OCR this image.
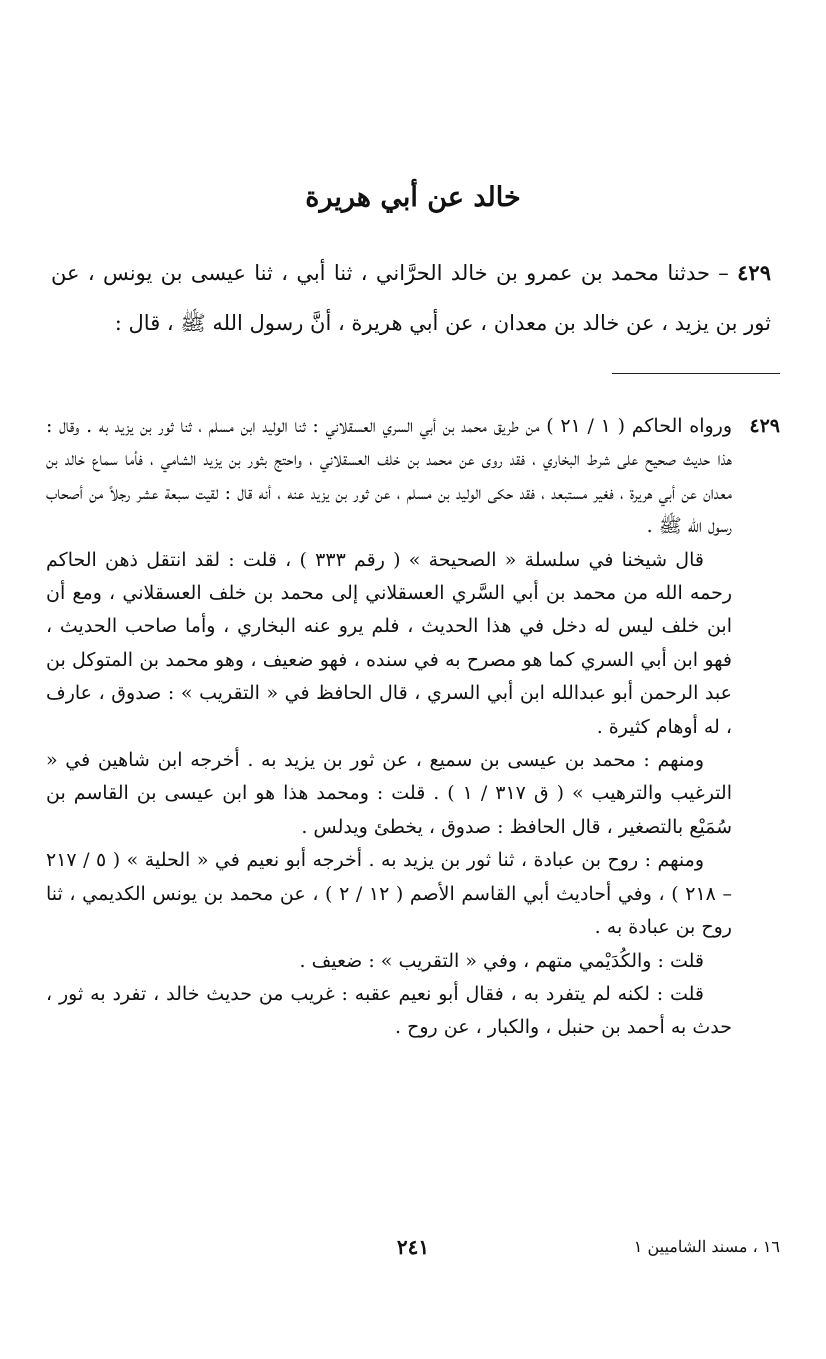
خالد عن أبي هريرة
٤٢٩ – حدثنا محمد بن عمرو بن خالد الحرَّاني ، ثنا أبي ، ثنا عيسى بن يونس ، عن ثور بن يزيد ، عن خالد بن معدان ، عن أبي هريرة ، أنَّ رسول الله ﷺ ، قال :

٤٢٩
ورواه الحاكم ( ١ / ٢١ ) من طريق محمد بن أبي السري العسقلاني : ثنا الوليد ابن مسلم ، ثنا ثور بن يزيد به . وقال : هذا حديث صحيح على شرط البخاري ، فقد روى عن محمد بن خلف العسقلاني ، واحتج بثور بن يزيد الشامي ، فأما سماع خالد بن معدان عن أبي هريرة ، فغير مستبعد ، فقد حكى الوليد بن مسلم ، عن ثور بن يزيد عنه ، أنه قال : لقيت سبعة عشر رجلاً من أصحاب رسول الله ﷺ .

قال شيخنا في سلسلة « الصحيحة » ( رقم ٣٣٣ ) ، قلت : لقد انتقل ذهن الحاكم رحمه الله من محمد بن أبي السَّري العسقلاني إلى محمد بن خلف العسقلاني ، ومع أن ابن خلف ليس له دخل في هذا الحديث ، فلم يرو عنه البخاري ، وأما صاحب الحديث ، فهو ابن أبي السري كما هو مصرح به في سنده ، فهو ضعيف ، وهو محمد بن المتوكل بن عبد الرحمن أبو عبدالله ابن أبي السري ، قال الحافظ في « التقريب » : صدوق ، عارف ، له أوهام كثيرة .

ومنهم : محمد بن عيسى بن سميع ، عن ثور بن يزيد به . أخرجه ابن شاهين في « الترغيب والترهيب » ( ق ٣١٧ / ١ ) . قلت : ومحمد هذا هو ابن عيسى بن القاسم بن سُمَيْع بالتصغير ، قال الحافظ : صدوق ، يخطئ ويدلس .

ومنهم : روح بن عبادة ، ثنا ثور بن يزيد به . أخرجه أبو نعيم في « الحلية » ( ٥ / ٢١٧ – ٢١٨ ) ، وفي أحاديث أبي القاسم الأصم ( ١٢ / ٢ ) ، عن محمد بن يونس الكديمي ، ثنا روح بن عبادة به .

قلت : والكُدَيْمي متهم ، وفي « التقريب » : ضعيف .

قلت : لكنه لم يتفرد به ، فقال أبو نعيم عقبه : غريب من حديث خالد ، تفرد به ثور ، حدث به أحمد بن حنبل ، والكبار ، عن روح .

٢٤١	١٦ ، مسند الشاميين ١
